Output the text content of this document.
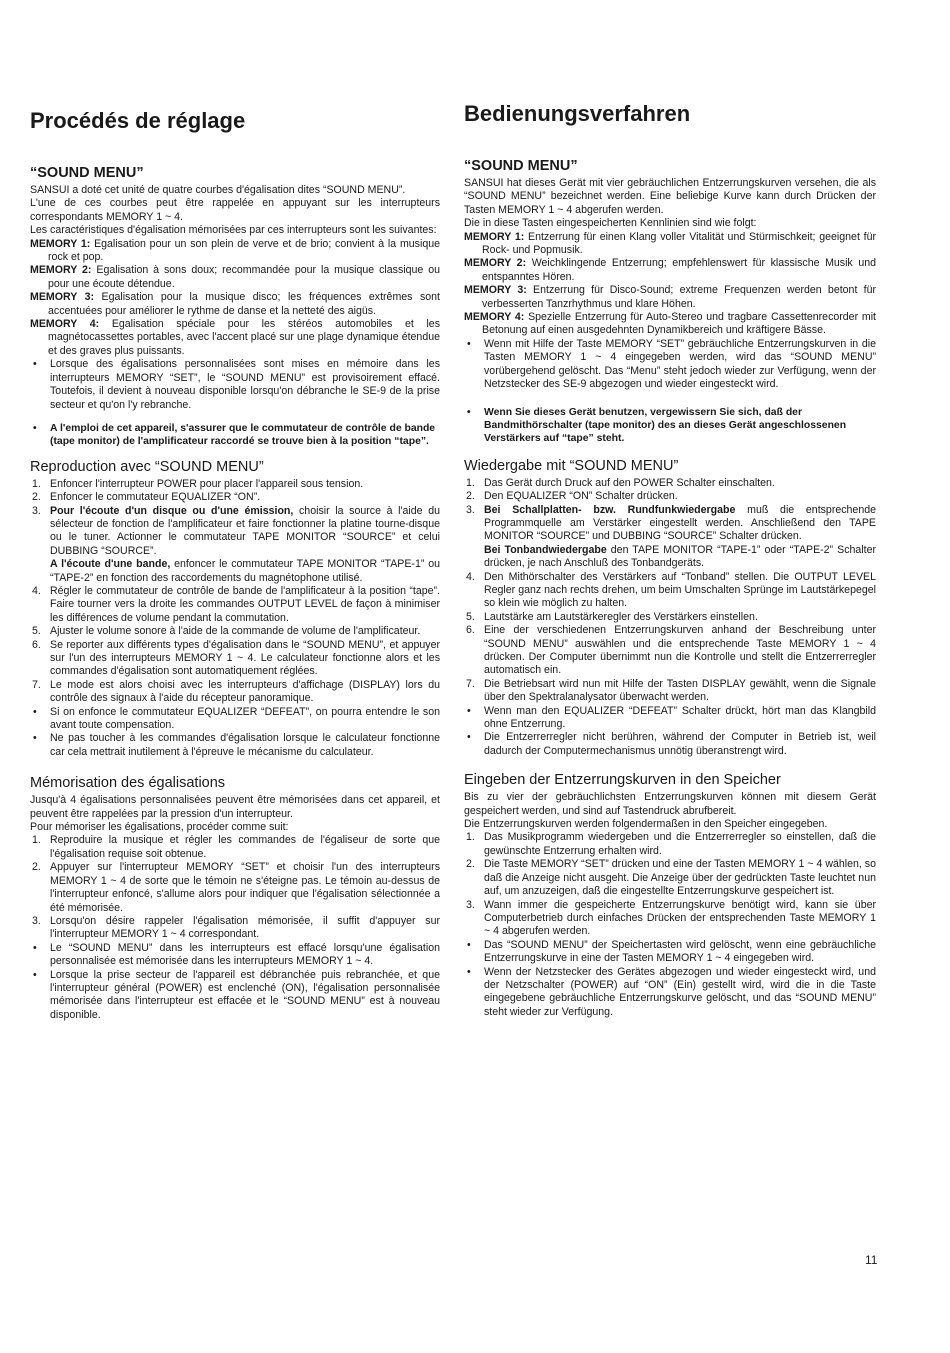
Procédés de réglage
“SOUND MENU”

SANSUI a doté cet unité de quatre courbes d'égalisation dites “SOUND MENU”.

L'une de ces courbes peut être rappelée en appuyant sur les interrupteurs correspondants MEMORY 1 ~ 4.

Les caractéristiques d'égalisation mémorisées par ces interrupteurs sont les suivantes:

MEMORY 1: Egalisation pour un son plein de verve et de brio; convient à la musique rock et pop.
MEMORY 2: Egalisation à sons doux; recommandée pour la musique classique ou pour une écoute détendue.
MEMORY 3: Egalisation pour la musique disco; les fréquences extrêmes sont accentuées pour améliorer le rythme de danse et la netteté des aigüs.
MEMORY 4: Egalisation spéciale pour les stéréos automobiles et les magnétocassettes portables, avec l'accent placé sur une plage dynamique étendue et des graves plus puissants.
• Lorsque des égalisations personnalisées sont mises en mémoire dans les interrupteurs MEMORY “SET”, le “SOUND MENU” est provisoirement effacé. Toutefois, il devient à nouveau disponible lorsqu'on débranche le SE-9 de la prise secteur et qu'on l'y rebranche.
• A l'emploi de cet appareil, s'assurer que le commutateur de contrôle de bande (tape monitor) de l'amplificateur raccordé se trouve bien à la position “tape”.
Reproduction avec “SOUND MENU”
1. Enfoncer l'interrupteur POWER pour placer l'appareil sous tension.
2. Enfoncer le commutateur EQUALIZER “ON”.
3. Pour l'écoute d'un disque ou d'une émission, choisir la source à l'aide du sélecteur de fonction de l'amplificateur et faire fonctionner la platine tourne-disque ou le tuner. Actionner le commutateur TAPE MONITOR “SOURCE” et celui DUBBING “SOURCE”.
A l'écoute d'une bande, enfoncer le commutateur TAPE MONITOR “TAPE-1” ou “TAPE-2” en fonction des raccordements du magnétophone utilisé.
4. Régler le commutateur de contrôle de bande de l'amplificateur à la position “tape”. Faire tourner vers la droite les commandes OUTPUT LEVEL de façon à minimiser les différences de volume pendant la commutation.
5. Ajuster le volume sonore à l'aide de la commande de volume de l'amplificateur.
6. Se reporter aux différents types d'égalisation dans le “SOUND MENU”, et appuyer sur l'un des interrupteurs MEMORY 1 ~ 4. Le calculateur fonctionne alors et les commandes d'égalisation sont automatiquement réglées.
7. Le mode est alors choisi avec les interrupteurs d'affichage (DISPLAY) lors du contrôle des signaux à l'aide du récepteur panoramique.
• Si on enfonce le commutateur EQUALIZER “DEFEAT”, on pourra entendre le son avant toute compensation.
• Ne pas toucher à les commandes d'égalisation lorsque le calculateur fonctionne car cela mettrait inutilement à l'épreuve le mécanisme du calculateur.
Mémorisation des égalisations

Jusqu'à 4 égalisations personnalisées peuvent être mémorisées dans cet appareil, et peuvent être rappelées par la pression d'un interrupteur.

Pour mémoriser les égalisations, procéder comme suit:

1. Reproduire la musique et régler les commandes de l'égaliseur de sorte que l'égalisation requise soit obtenue.
2. Appuyer sur l'interrupteur MEMORY “SET” et choisir l'un des interrupteurs MEMORY 1 ~ 4 de sorte que le témoin ne s'éteigne pas. Le témoin au-dessus de l'interrupteur enfoncé, s'allume alors pour indiquer que l'égalisation sélectionnée a été mémorisée.
3. Lorsqu'on désire rappeler l'égalisation mémorisée, il suffit d'appuyer sur l'interrupteur MEMORY 1 ~ 4 correspondant.
• Le “SOUND MENU” dans les interrupteurs est effacé lorsqu'une égalisation personnalisée est mémorisée dans les interrupteurs MEMORY 1 ~ 4.
• Lorsque la prise secteur de l'appareil est débranchée puis rebranchée, et que l'interrupteur général (POWER) est enclenché (ON), l'égalisation personnalisée mémorisée dans l'interrupteur est effacée et le “SOUND MENU” est à nouveau disponible.
Bedienungsverfahren
“SOUND MENU”

SANSUI hat dieses Gerät mit vier gebräuchlichen Entzerrungskurven versehen, die als “SOUND MENU” bezeichnet werden. Eine beliebige Kurve kann durch Drücken der Tasten MEMORY 1 ~ 4 abgerufen werden.

Die in diese Tasten eingespeicherten Kennlinien sind wie folgt:

MEMORY 1: Entzerrung für einen Klang voller Vitalität und Stürmischkeit; geeignet für Rock- und Popmusik.
MEMORY 2: Weichklingende Entzerrung; empfehlenswert für klassische Musik und entspanntes Hören.
MEMORY 3: Entzerrung für Disco-Sound; extreme Frequenzen werden betont für verbesserten Tanzrhythmus und klare Höhen.
MEMORY 4: Spezielle Entzerrung für Auto-Stereo und tragbare Cassettenrecorder mit Betonung auf einen ausgedehnten Dynamikbereich und kräftigere Bässe.
• Wenn mit Hilfe der Taste MEMORY “SET” gebräuchliche Entzerrungskurven in die Tasten MEMORY 1 ~ 4 eingegeben werden, wird das “SOUND MENU” vorübergehend gelöscht. Das “Menu” steht jedoch wieder zur Verfügung, wenn der Netzstecker des SE-9 abgezogen und wieder eingesteckt wird.
• Wenn Sie dieses Gerät benutzen, vergewissern Sie sich, daß der Bandmithörschalter (tape monitor) des an dieses Gerät angeschlossenen Verstärkers auf “tape” steht.
Wiedergabe mit “SOUND MENU”
1. Das Gerät durch Druck auf den POWER Schalter einschalten.
2. Den EQUALIZER “ON” Schalter drücken.
3. Bei Schallplatten- bzw. Rundfunkwiedergabe muß die entsprechende Programmquelle am Verstärker eingestellt werden. Anschließend den TAPE MONITOR “SOURCE” und DUBBING “SOURCE” Schalter drücken.
Bei Tonbandwiedergabe den TAPE MONITOR “TAPE-1” oder “TAPE-2” Schalter drücken, je nach Anschluß des Tonbandgeräts.
4. Den Mithörschalter des Verstärkers auf “Tonband” stellen. Die OUTPUT LEVEL Regler ganz nach rechts drehen, um beim Umschalten Sprünge im Lautstärkepegel so klein wie möglich zu halten.
5. Lautstärke am Lautstärkeregler des Verstärkers einstellen.
6. Eine der verschiedenen Entzerrungskurven anhand der Beschreibung unter “SOUND MENU” auswählen und die entsprechende Taste MEMORY 1 ~ 4 drücken. Der Computer übernimmt nun die Kontrolle und stellt die Entzerrerregler automatisch ein.
7. Die Betriebsart wird nun mit Hilfe der Tasten DISPLAY gewählt, wenn die Signale über den Spektralanalysator überwacht werden.
• Wenn man den EQUALIZER “DEFEAT” Schalter drückt, hört man das Klangbild ohne Entzerrung.
• Die Entzerrerregler nicht berühren, während der Computer in Betrieb ist, weil dadurch der Computermechanismus unnötig überanstrengt wird.
Eingeben der Entzerrungskurven in den Speicher

Bis zu vier der gebräuchlichsten Entzerrungskurven können mit diesem Gerät gespeichert werden, und sind auf Tastendruck abrufbereit.

Die Entzerrungskurven werden folgendermaßen in den Speicher eingegeben.

1. Das Musikprogramm wiedergeben und die Entzerrerregler so einstellen, daß die gewünschte Entzerrung erhalten wird.
2. Die Taste MEMORY “SET” drücken und eine der Tasten MEMORY 1 ~ 4 wählen, so daß die Anzeige nicht ausgeht. Die Anzeige über der gedrückten Taste leuchtet nun auf, um anzuzeigen, daß die eingestellte Entzerrungskurve gespeichert ist.
3. Wann immer die gespeicherte Entzerrungskurve benötigt wird, kann sie über Computerbetrieb durch einfaches Drücken der entsprechenden Taste MEMORY 1 ~ 4 abgerufen werden.
• Das “SOUND MENU” der Speichertasten wird gelöscht, wenn eine gebräuchliche Entzerrungskurve in eine der Tasten MEMORY 1 ~ 4 eingegeben wird.
• Wenn der Netzstecker des Gerätes abgezogen und wieder eingesteckt wird, und der Netzschalter (POWER) auf “ON” (Ein) gestellt wird, wird die in die Taste eingegebene gebräuchliche Entzerrungskurve gelöscht, und das “SOUND MENU” steht wieder zur Verfügung.
11
